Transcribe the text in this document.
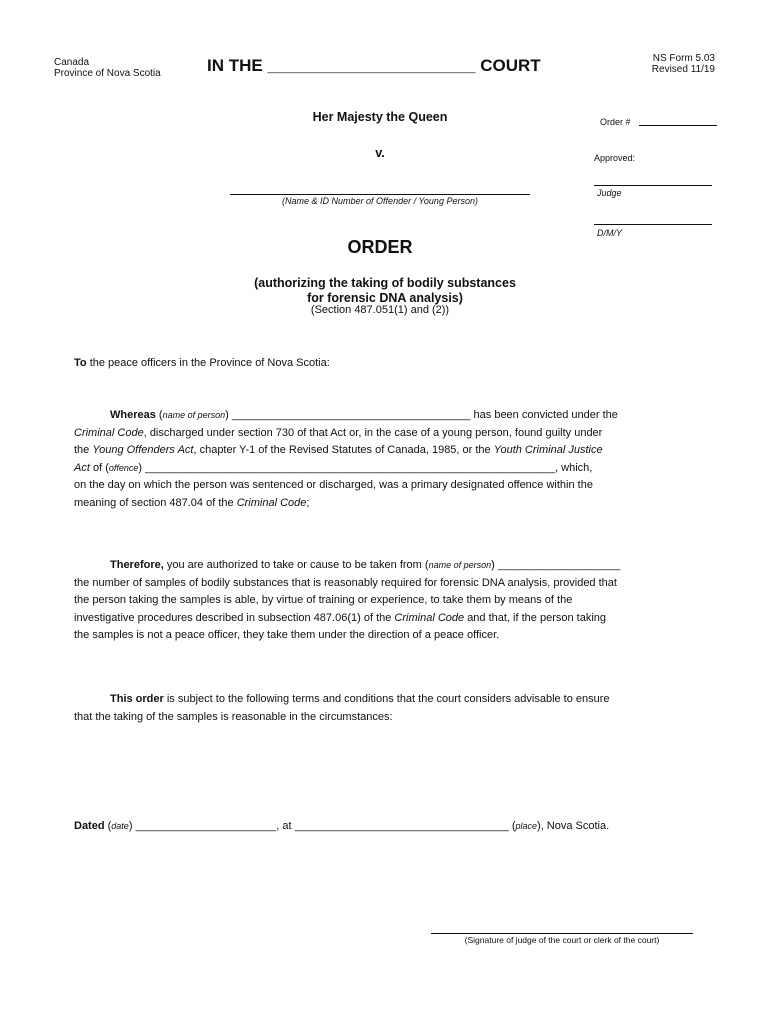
Canada
Province of Nova Scotia	IN THE ______________________ COURT	NS Form 5.03
Revised 11/19
Her Majesty the Queen
v.
(Name & ID Number of Offender / Young Person)
Order #
Approved:
Judge
D/M/Y
ORDER
(authorizing the taking of bodily substances
for forensic DNA analysis)
(Section 487.051(1) and (2))
To the peace officers in the Province of Nova Scotia:
Whereas (name of person) _______________________________________ has been convicted under the
Criminal Code, discharged under section 730 of that Act or, in the case of a young person, found guilty under
the Young Offenders Act, chapter Y-1 of the Revised Statutes of Canada, 1985, or the Youth Criminal Justice
Act of (offence) ___________________________________________________________________, which,
on the day on which the person was sentenced or discharged, was a primary designated offence within the
meaning of section 487.04 of the Criminal Code;
Therefore, you are authorized to take or cause to be taken from (name of person) ____________________
the number of samples of bodily substances that is reasonably required for forensic DNA analysis, provided that
the person taking the samples is able, by virtue of training or experience, to take them by means of the
investigative procedures described in subsection 487.06(1) of the Criminal Code and that, if the person taking
the samples is not a peace officer, they take them under the direction of a peace officer.
This order is subject to the following terms and conditions that the court considers advisable to ensure
that the taking of the samples is reasonable in the circumstances:
Dated (date) _______________________, at ___________________________________ (place), Nova Scotia.
(Signature of judge of the court or clerk of the court)
